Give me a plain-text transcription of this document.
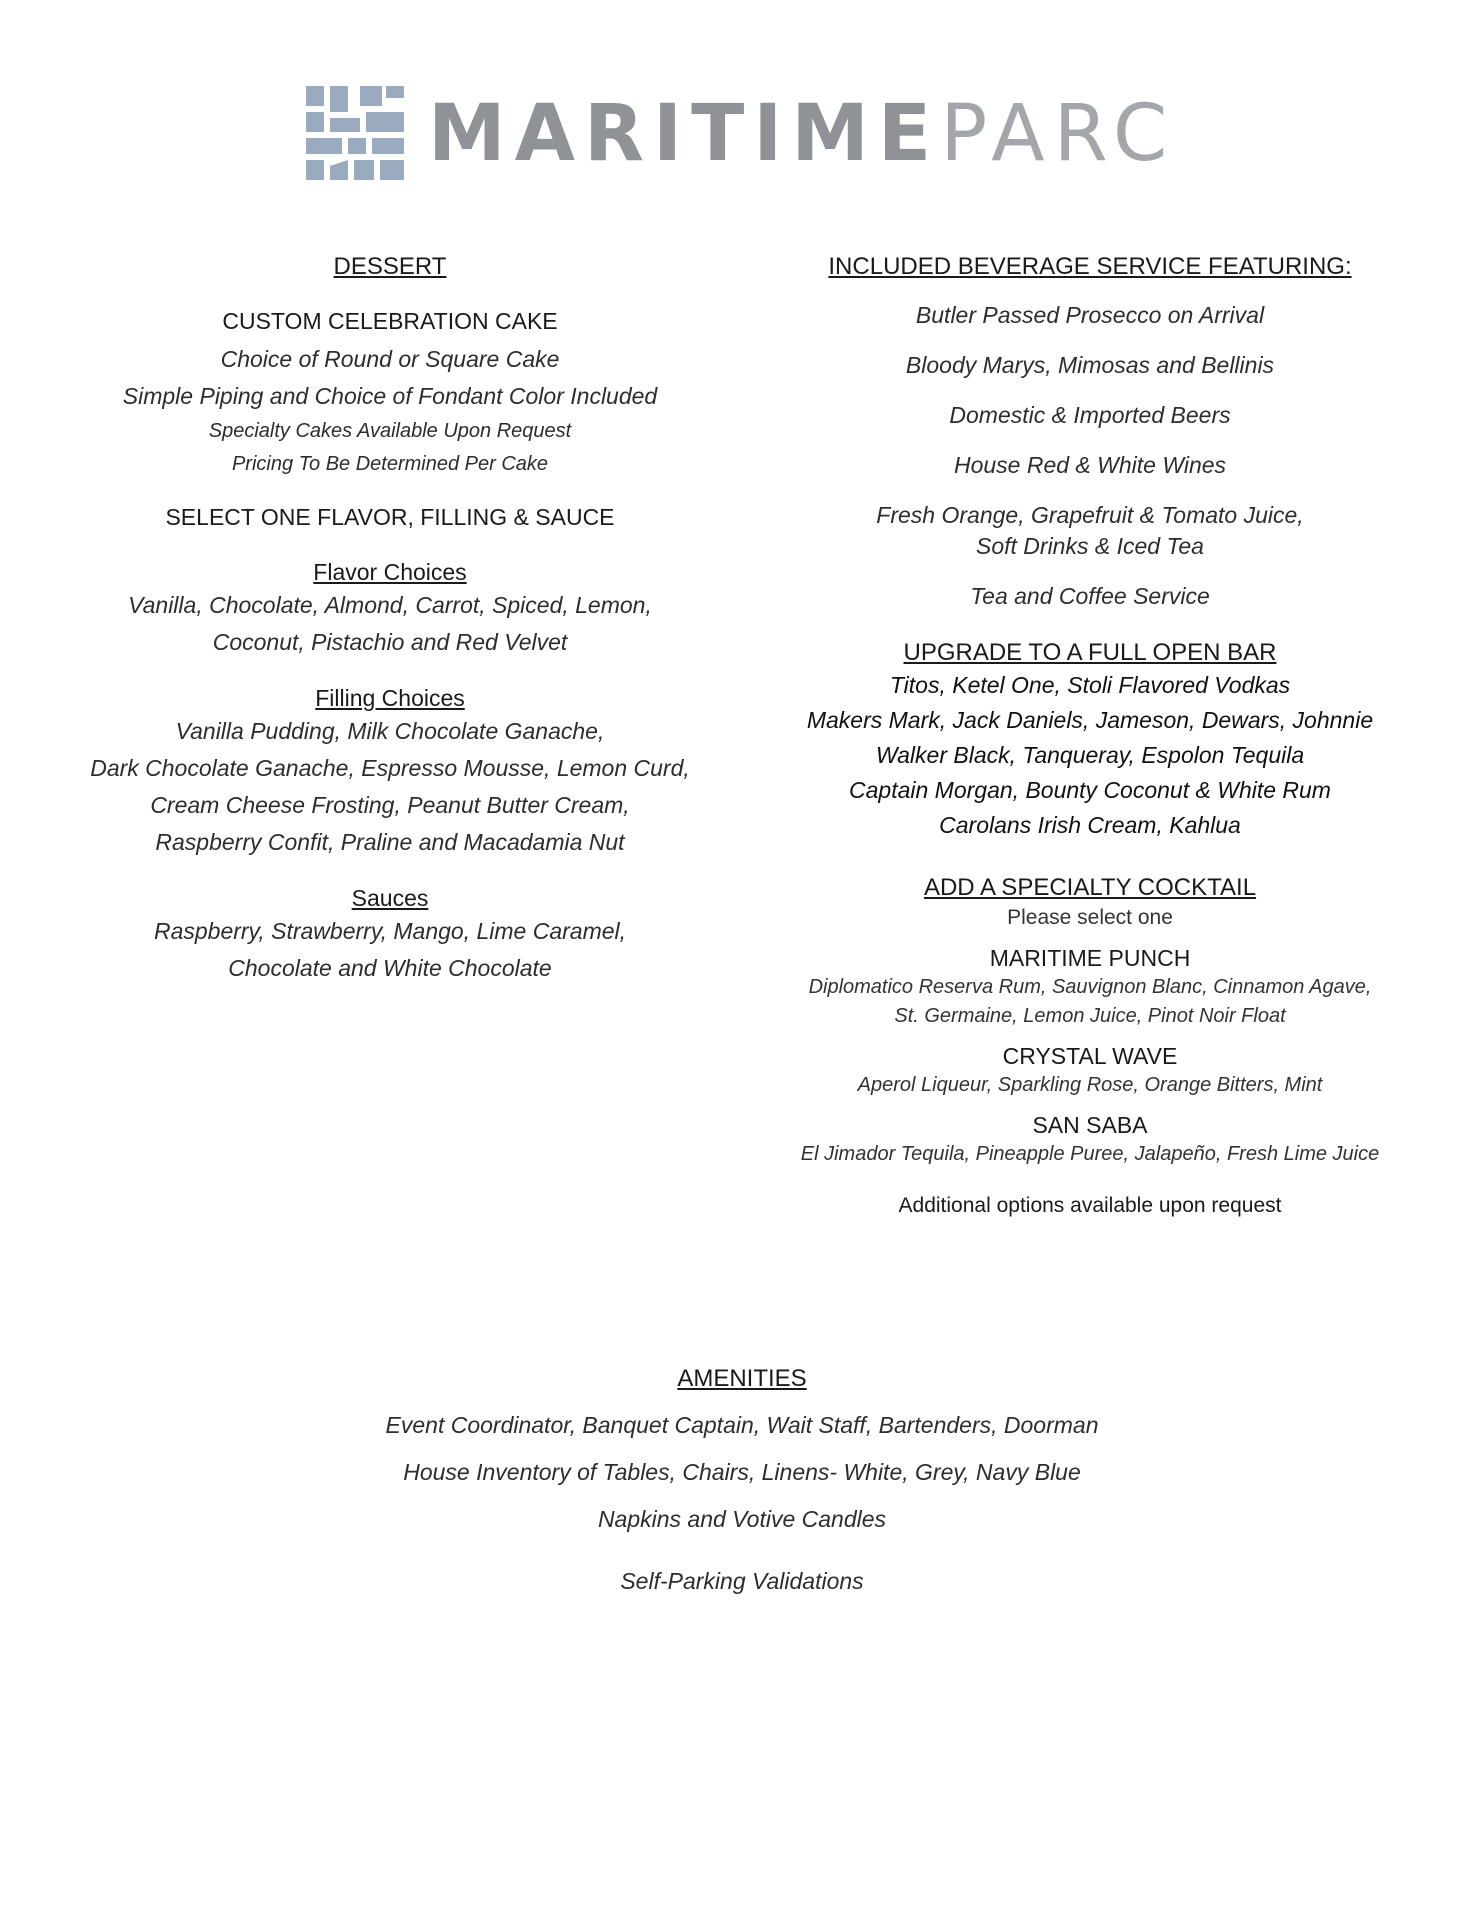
MARITIMEPARC
DESSERT
CUSTOM CELEBRATION CAKE
Choice of Round or Square Cake
Simple Piping and Choice of Fondant Color Included
Specialty Cakes Available Upon Request
Pricing To Be Determined Per Cake
SELECT ONE FLAVOR, FILLING & SAUCE
Flavor Choices
Vanilla, Chocolate, Almond, Carrot, Spiced, Lemon,
Coconut, Pistachio and Red Velvet
Filling Choices
Vanilla Pudding, Milk Chocolate Ganache,
Dark Chocolate Ganache, Espresso Mousse, Lemon Curd,
Cream Cheese Frosting, Peanut Butter Cream,
Raspberry Confit, Praline and Macadamia Nut
Sauces
Raspberry, Strawberry, Mango, Lime Caramel,
Chocolate and White Chocolate
INCLUDED BEVERAGE SERVICE FEATURING:
Butler Passed Prosecco on Arrival
Bloody Marys, Mimosas and Bellinis
Domestic & Imported Beers
House Red & White Wines
Fresh Orange, Grapefruit & Tomato Juice,
Soft Drinks & Iced Tea
Tea and Coffee Service
UPGRADE TO A FULL OPEN BAR
Titos, Ketel One, Stoli Flavored Vodkas
Makers Mark, Jack Daniels, Jameson, Dewars, Johnnie
Walker Black, Tanqueray, Espolon Tequila
Captain Morgan, Bounty Coconut & White Rum
Carolans Irish Cream, Kahlua
ADD A SPECIALTY COCKTAIL
Please select one
MARITIME PUNCH
Diplomatico Reserva Rum, Sauvignon Blanc, Cinnamon Agave,
St. Germaine, Lemon Juice, Pinot Noir Float
CRYSTAL WAVE
Aperol Liqueur, Sparkling Rose, Orange Bitters, Mint
SAN SABA
El Jimador Tequila, Pineapple Puree, Jalapeño, Fresh Lime Juice
Additional options available upon request
AMENITIES
Event Coordinator, Banquet Captain, Wait Staff, Bartenders, Doorman
House Inventory of Tables, Chairs, Linens- White, Grey, Navy Blue
Napkins and Votive Candles
Self-Parking Validations
